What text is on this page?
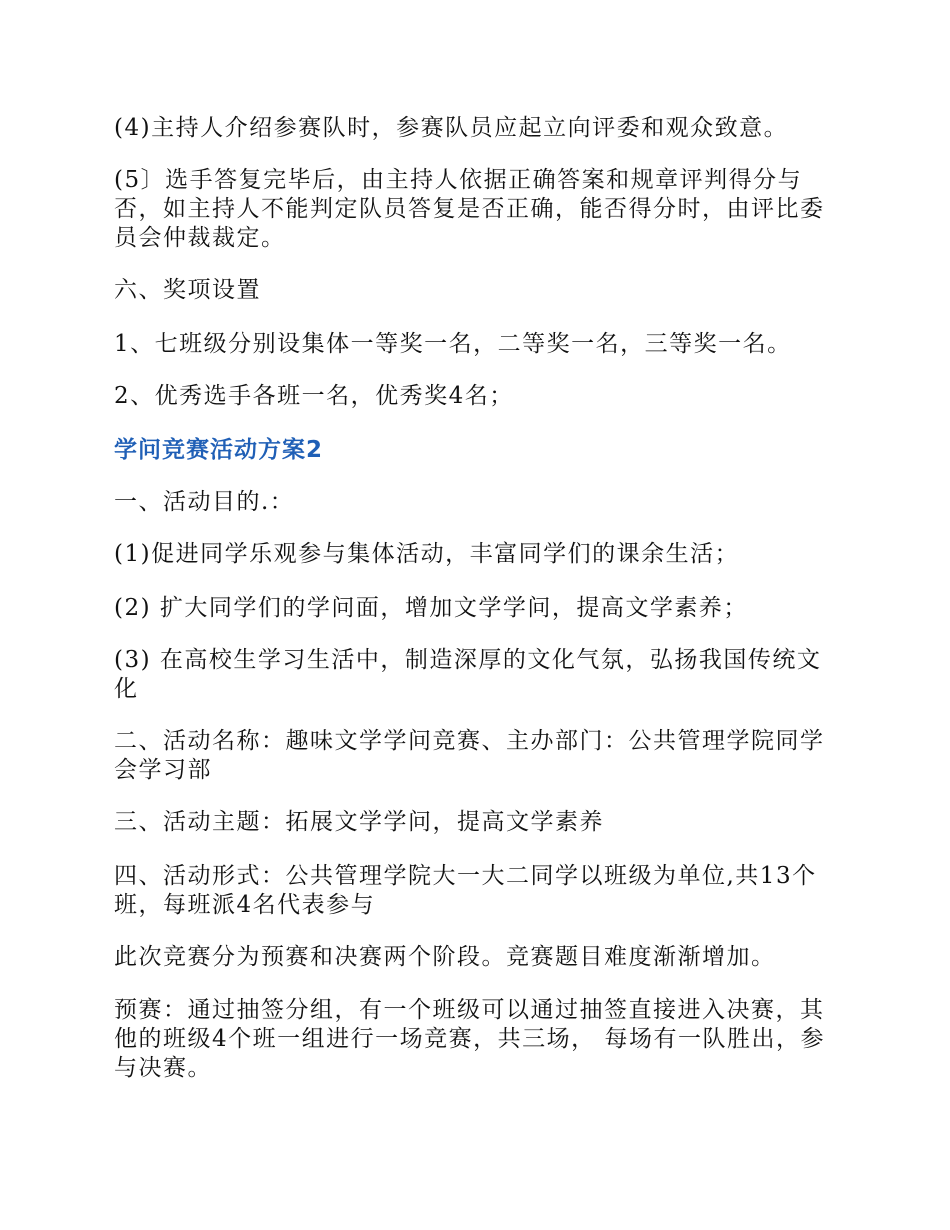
(4)主持人介绍参赛队时，参赛队员应起立向评委和观众致意。

(5〕选手答复完毕后，由主持人依据正确答案和规章评判得分与否，如主持人不能判定队员答复是否正确，能否得分时，由评比委员会仲裁裁定。

六、奖项设置

1、七班级分别设集体一等奖一名，二等奖一名，三等奖一名。

2、优秀选手各班一名，优秀奖4名；

学问竞赛活动方案2

一、活动目的.：

(1)促进同学乐观参与集体活动，丰富同学们的课余生活；

(2) 扩大同学们的学问面，增加文学学问，提高文学素养；

(3) 在高校生学习生活中，制造深厚的文化气氛，弘扬我国传统文化

二、活动名称：趣味文学学问竞赛、主办部门：公共管理学院同学会学习部

三、活动主题：拓展文学学问，提高文学素养

四、活动形式：公共管理学院大一大二同学以班级为单位,共13个班，每班派4名代表参与

此次竞赛分为预赛和决赛两个阶段。竞赛题目难度渐渐增加。

预赛：通过抽签分组，有一个班级可以通过抽签直接进入决赛，其他的班级4个班一组进行一场竞赛，共三场， 每场有一队胜出，参与决赛。
